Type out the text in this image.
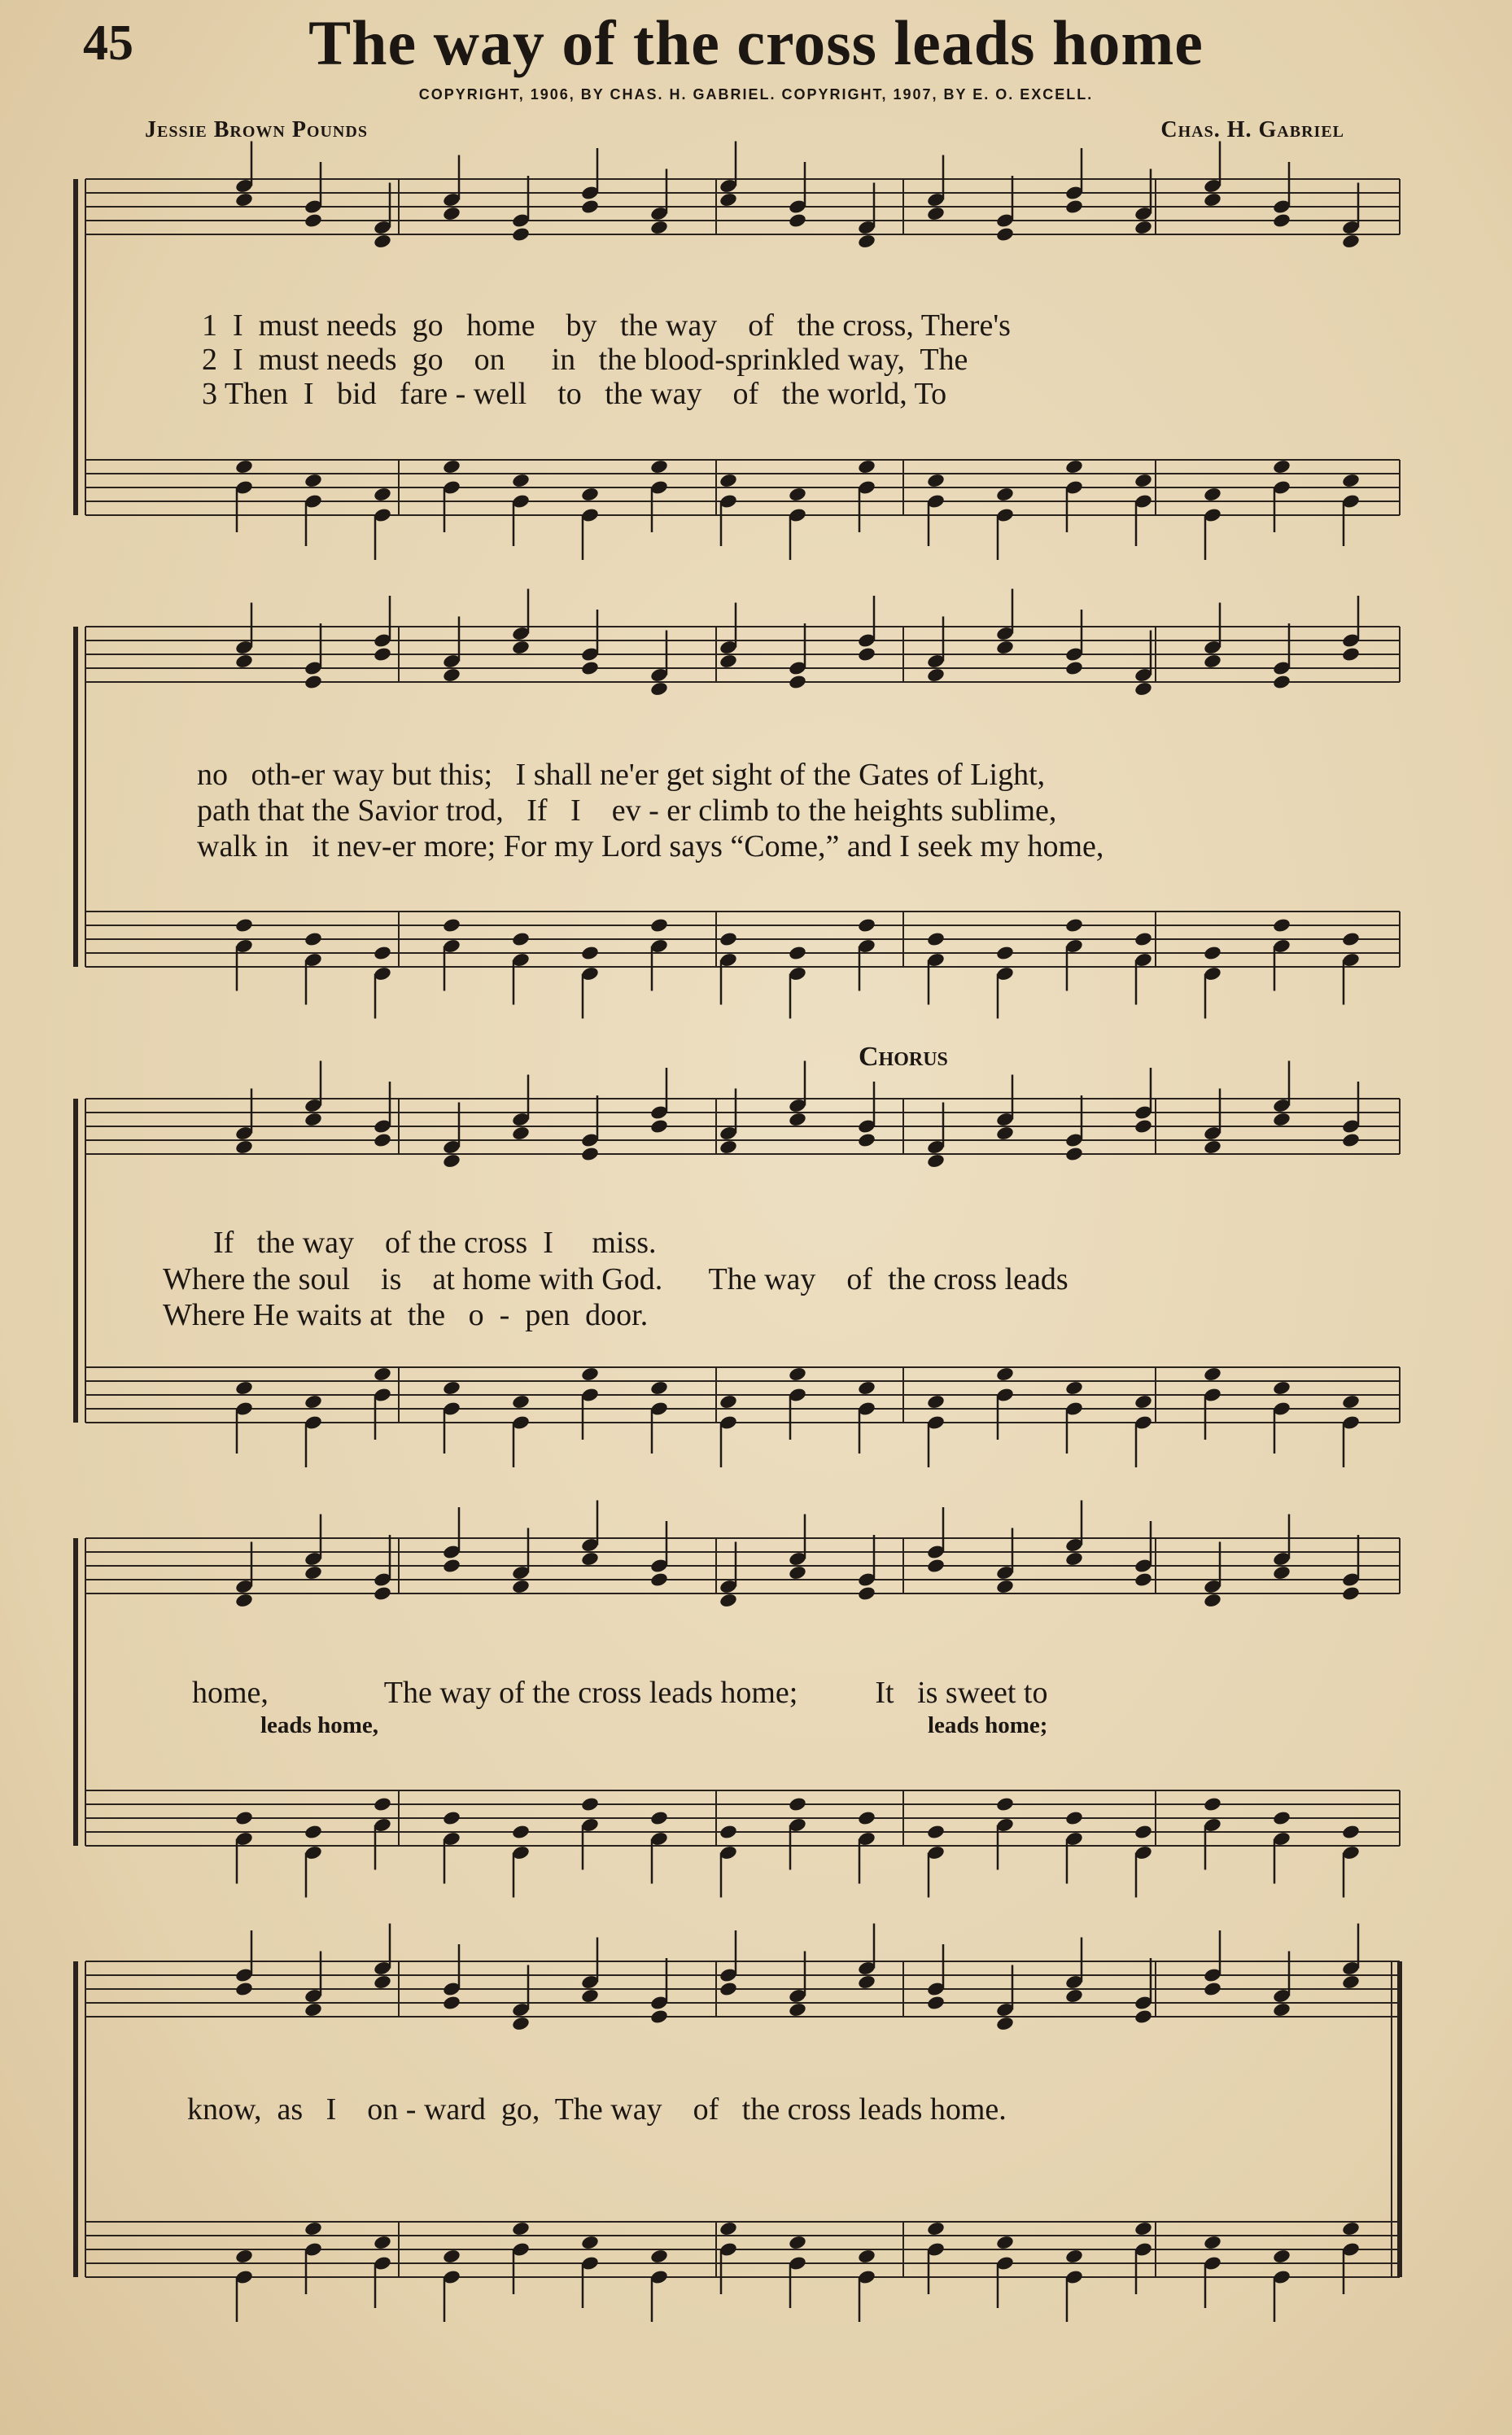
45	The way of the cross leads home
COPYRIGHT, 1906, BY CHAS. H. GABRIEL. COPYRIGHT, 1907, BY E. O. EXCELL.
Jessie Brown Pounds	Chas. H. Gabriel
Chorus
1  I  must needs  go   home    by   the way    of   the cross, There's
2  I  must needs  go    on      in   the blood-sprinkled way,  The
3 Then  I   bid   fare - well    to   the way    of   the world, To
no   oth-er way but this;   I shall ne'er get sight of the Gates of Light,
path that the Savior trod,   If   I    ev - er climb to the heights sublime,
walk in   it nev-er more; For my Lord says “Come,” and I seek my home,
If   the way    of the cross  I     miss.
Where the soul    is    at home with God.      The way    of  the cross leads
Where He waits at  the   o  -  pen  door.
home,               The way of the cross leads home;          It   is sweet to
leads home,	leads home;
know,  as   I    on - ward  go,  The way    of   the cross leads home.
